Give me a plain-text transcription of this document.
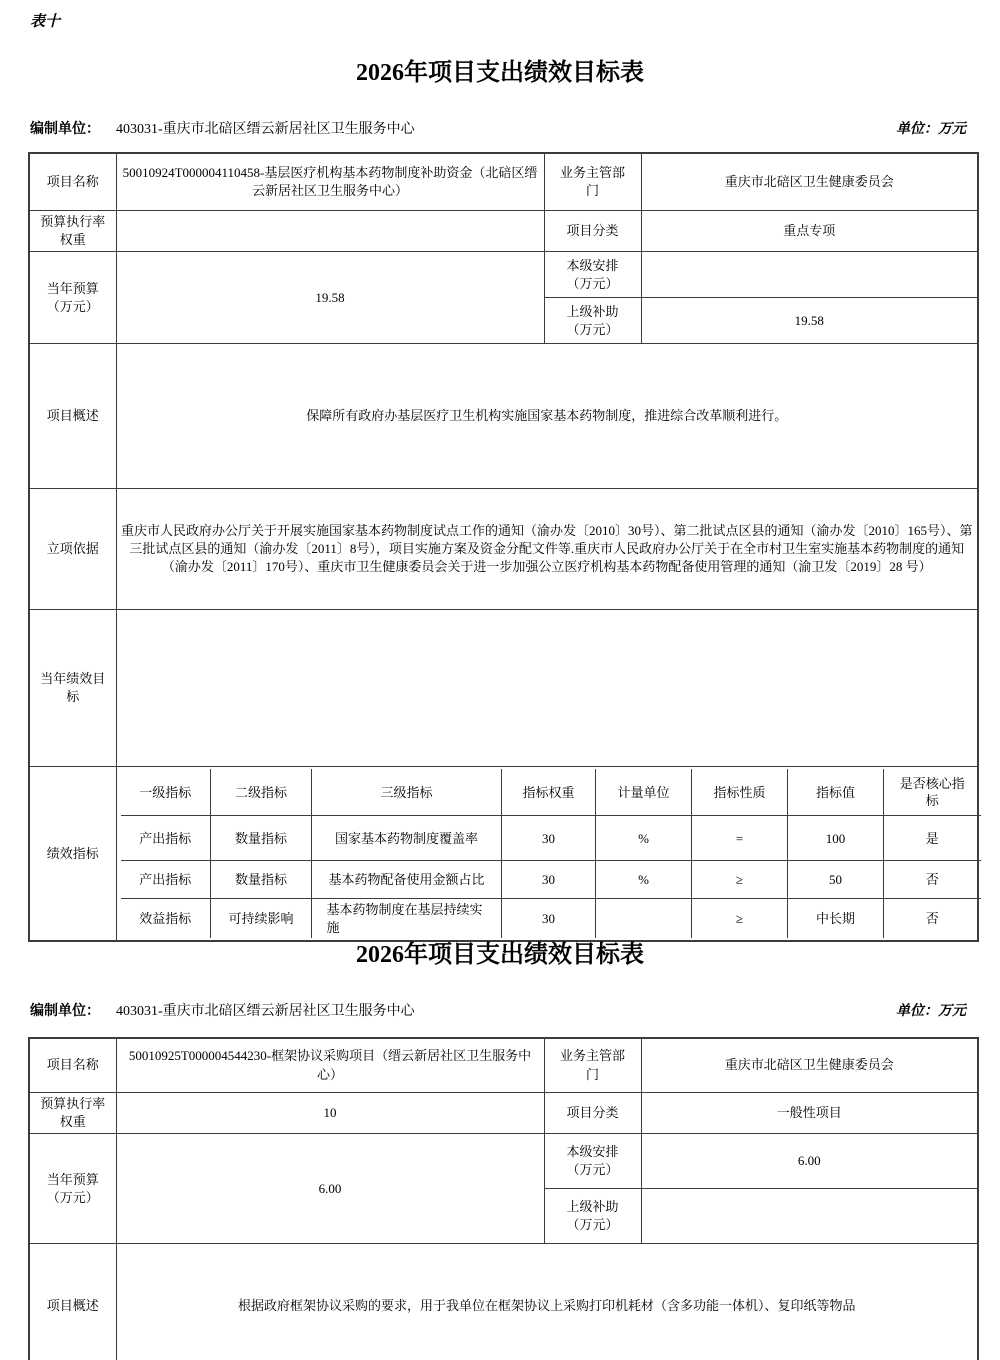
表十
2026年项目支出绩效目标表
编制单位： 403031-重庆市北碚区缙云新居社区卫生服务中心	单位：万元
项目名称	50010924T000004110458-基层医疗机构基本药物制度补助资金（北碚区缙云新居社区卫生服务中心）	业务主管部门	重庆市北碚区卫生健康委员会
预算执行率权重		项目分类	重点专项
当年预算（万元）	19.58	本级安排（万元）	
上级补助（万元）	19.58
项目概述	保障所有政府办基层医疗卫生机构实施国家基本药物制度，推进综合改革顺利进行。
立项依据	重庆市人民政府办公厅关于开展实施国家基本药物制度试点工作的通知（渝办发〔2010〕30号）、第二批试点区县的通知（渝办发〔2010〕165号）、第三批试点区县的通知（渝办发〔2011〕8号），项目实施方案及资金分配文件等.重庆市人民政府办公厅关于在全市村卫生室实施基本药物制度的通知（渝办发〔2011〕170号）、重庆市卫生健康委员会关于进一步加强公立医疗机构基本药物配备使用管理的通知（渝卫发〔2019〕28 号）
当年绩效目标	
绩效指标	
一级指标	二级指标	三级指标	指标权重	计量单位	指标性质	指标值	是否核心指标
产出指标	数量指标	国家基本药物制度覆盖率	30	%	=	100	是
产出指标	数量指标	基本药物配备使用金额占比	30	%	≥	50	否
效益指标	可持续影响	基本药物制度在基层持续实施	30		≥	中长期	否
2026年项目支出绩效目标表
编制单位： 403031-重庆市北碚区缙云新居社区卫生服务中心	单位：万元
项目名称	50010925T000004544230-框架协议采购项目（缙云新居社区卫生服务中心）	业务主管部门	重庆市北碚区卫生健康委员会
预算执行率权重	10	项目分类	一般性项目
当年预算（万元）	6.00	本级安排（万元）	6.00
		上级补助（万元）	
项目概述	根据政府框架协议采购的要求，用于我单位在框架协议上采购打印机耗材（含多功能一体机）、复印纸等物品		
